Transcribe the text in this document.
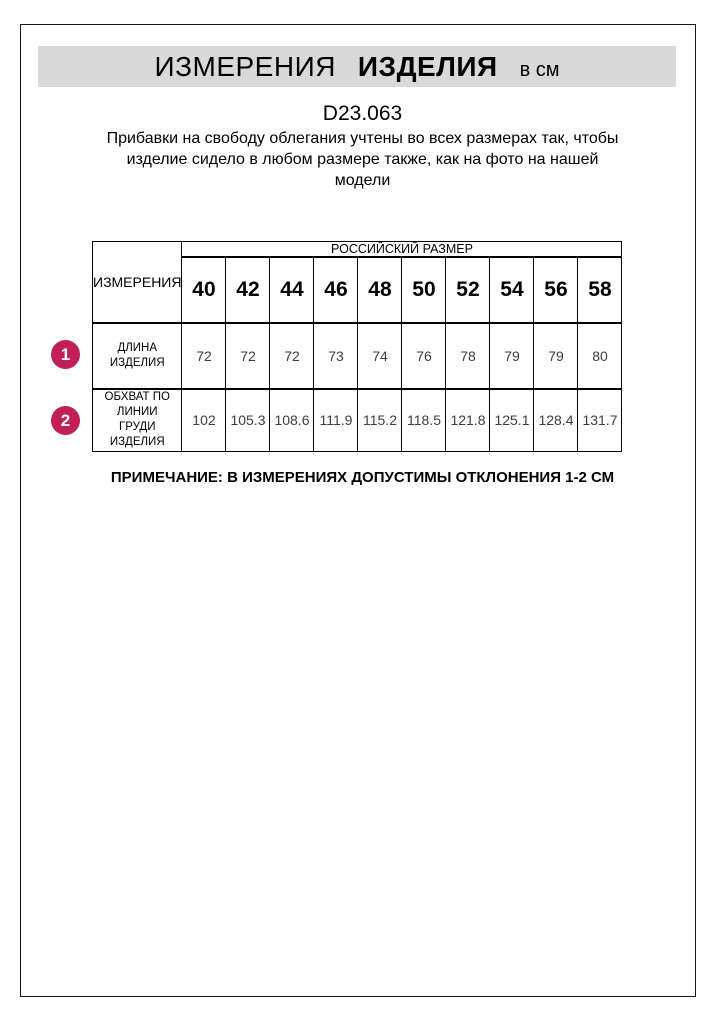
ИЗМЕРЕНИЯ ИЗДЕЛИЯ в см
D23.063
Прибавки на свободу облегания учтены во всех размерах так, чтобы
изделие сидело в любом размере также, как на фото на нашей
модели
ИЗМЕРЕНИЯ	РОССИЙСКИЙ РАЗМЕР									
	40	42	44	46	48	50	52	54	56	58
ДЛИНА ИЗДЕЛИЯ	72	72	72	73	74	76	78	79	79	80
ОБХВАТ ПО ЛИНИИ ГРУДИ ИЗДЕЛИЯ	102	105.3	108.6	111.9	115.2	118.5	121.8	125.1	128.4	131.7
1
2
ПРИМЕЧАНИЕ: В ИЗМЕРЕНИЯХ ДОПУСТИМЫ ОТКЛОНЕНИЯ 1-2 СМ
